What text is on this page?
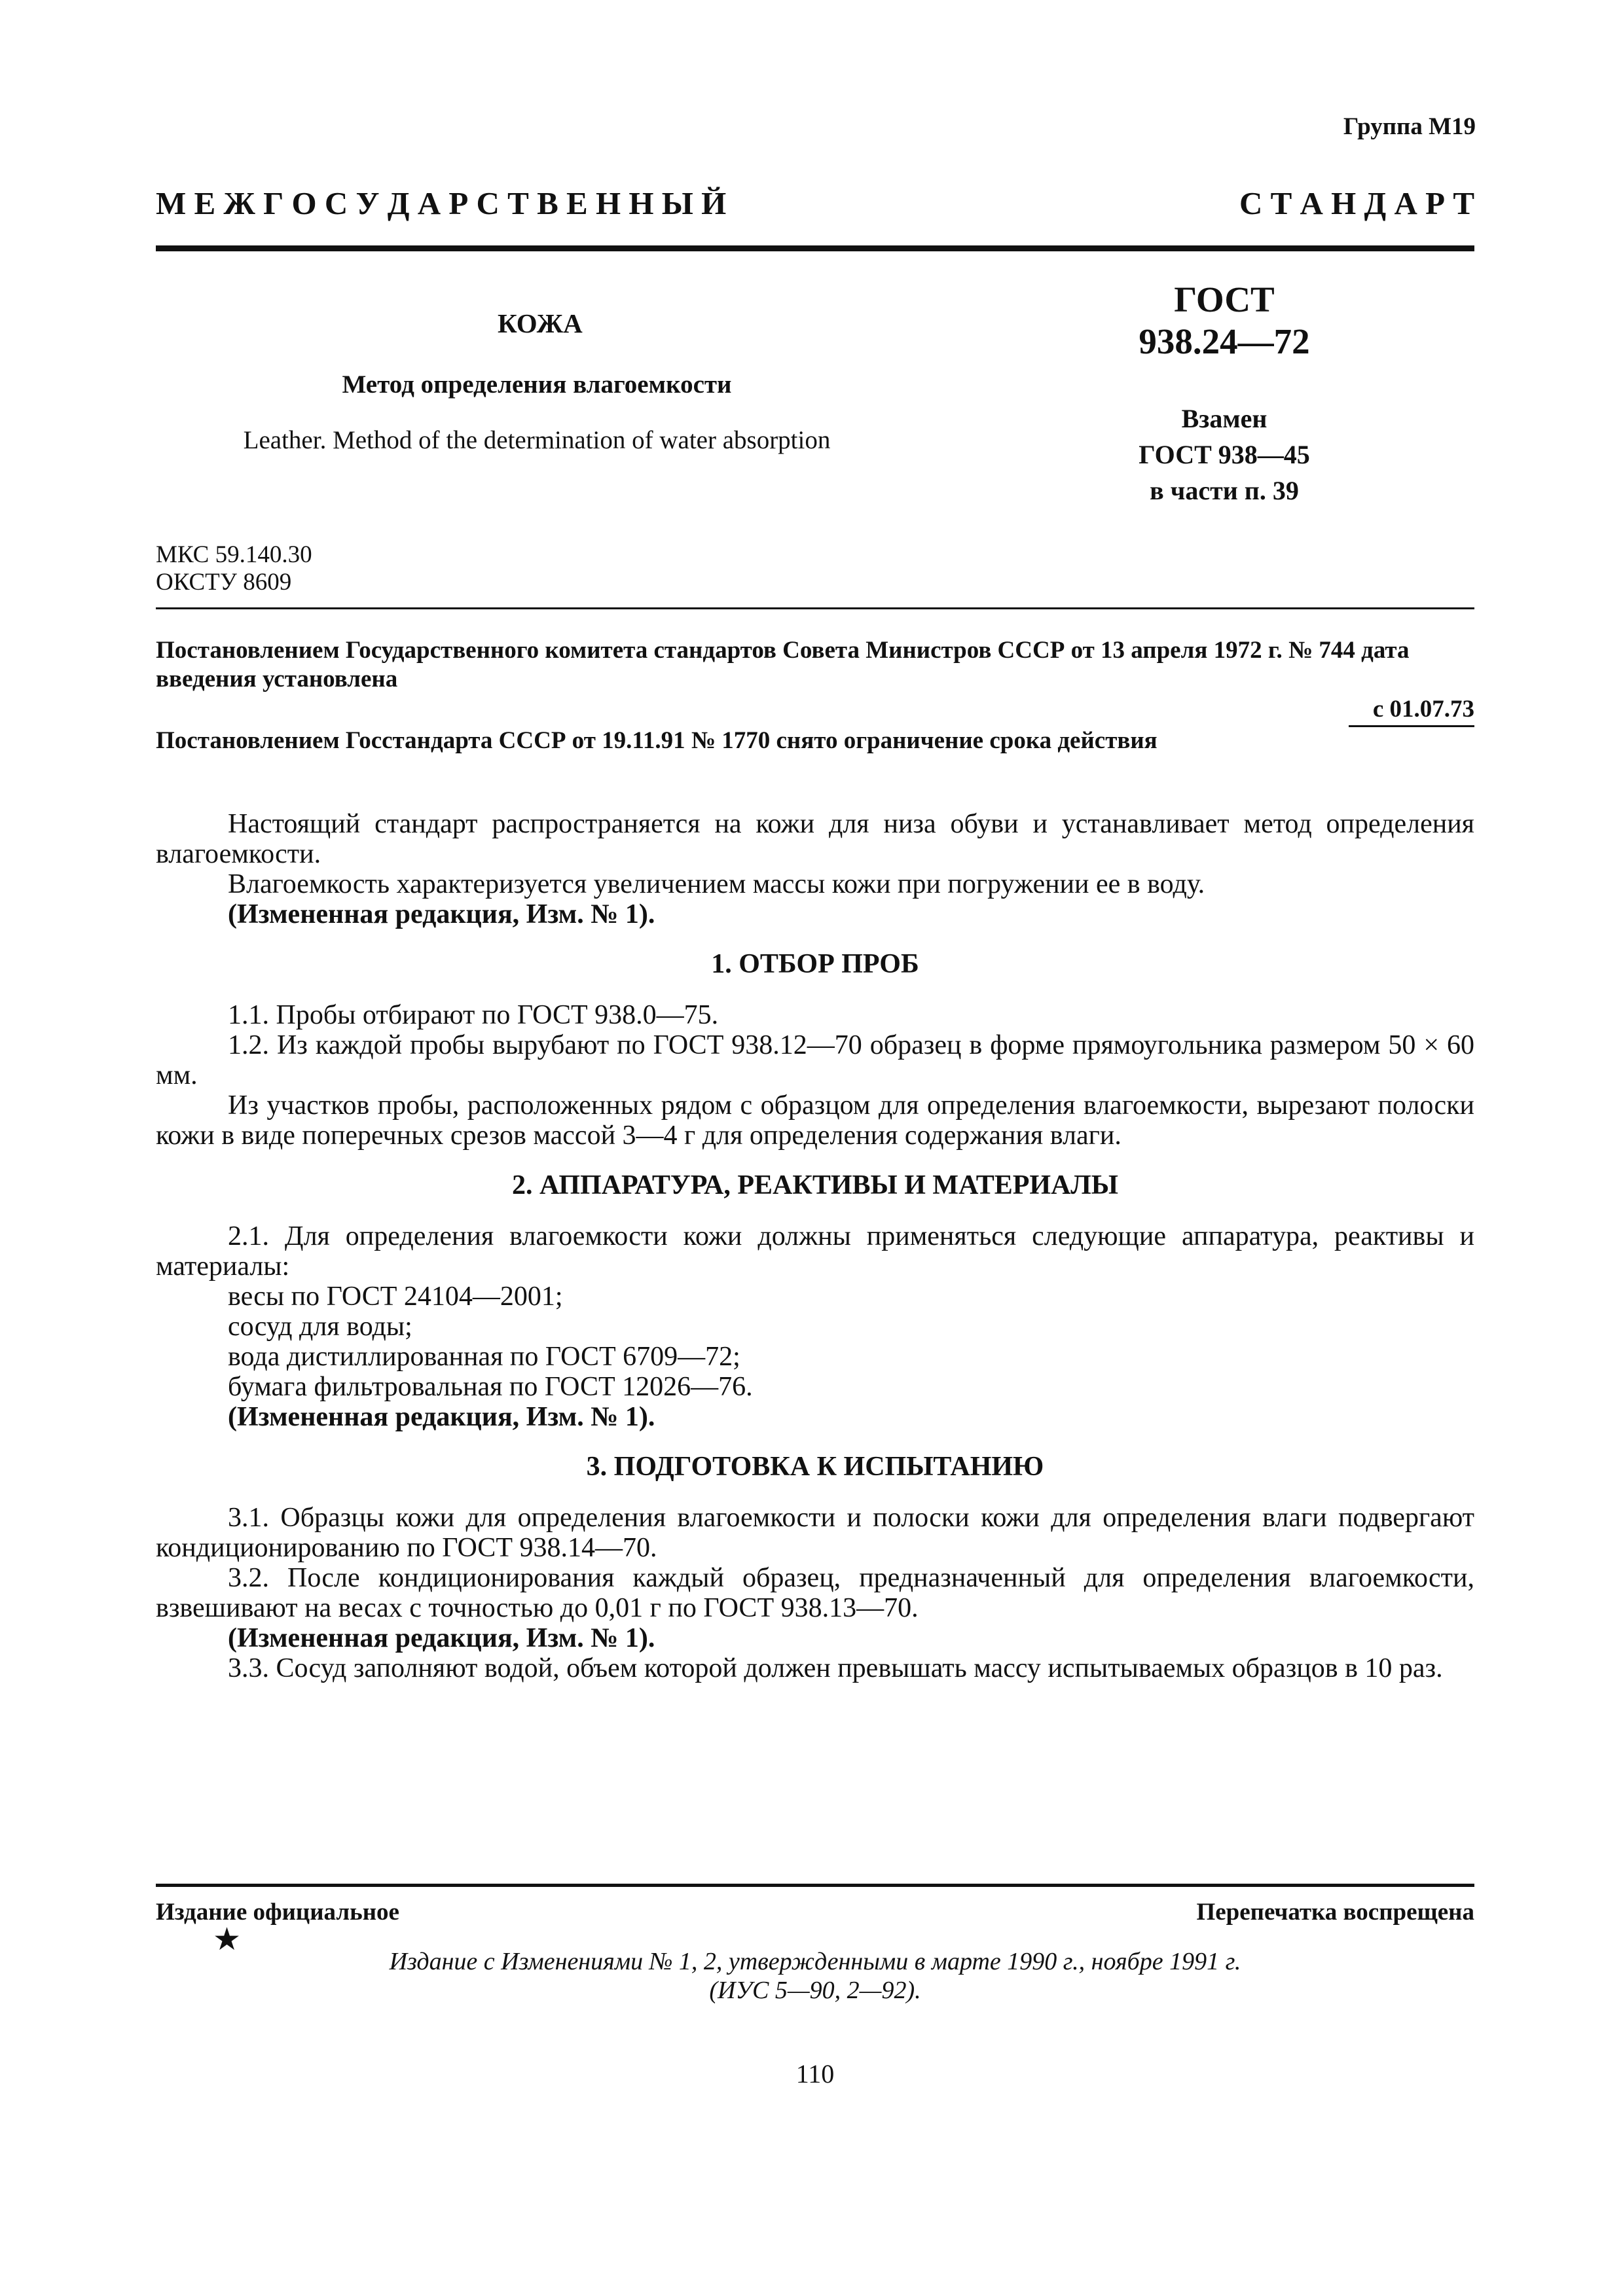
Группа М19
М Е Ж Г О С У Д А Р С Т В Е Н Н Ы Й	С Т А Н Д А Р Т
КОЖА
Метод определения влагоемкости
Leather. Method of the determination of water absorption
ГОСТ
938.24—72
Взамен
ГОСТ 938—45
в части п. 39
МКС 59.140.30
ОКСТУ 8609
Постановлением Государственного комитета стандартов Совета Министров СССР от 13 апреля 1972 г. № 744 дата введения установлена
с 01.07.73
Постановлением Госстандарта СССР от 19.11.91 № 1770 снято ограничение срока действия

Настоящий стандарт распространяется на кожи для низа обуви и устанавливает метод определения влагоемкости.

Влагоемкость характеризуется увеличением массы кожи при погружении ее в воду.

(Измененная редакция, Изм. № 1).

1. ОТБОР ПРОБ

1.1. Пробы отбирают по ГОСТ 938.0—75.

1.2. Из каждой пробы вырубают по ГОСТ 938.12—70 образец в форме прямоугольника размером 50 × 60 мм.

Из участков пробы, расположенных рядом с образцом для определения влагоемкости, вырезают полоски кожи в виде поперечных срезов массой 3—4 г для определения содержания влаги.

2. АППАРАТУРА, РЕАКТИВЫ И МАТЕРИАЛЫ

2.1. Для определения влагоемкости кожи должны применяться следующие аппаратура, реактивы и материалы:

весы по ГОСТ 24104—2001;

сосуд для воды;

вода дистиллированная по ГОСТ 6709—72;

бумага фильтровальная по ГОСТ 12026—76.

(Измененная редакция, Изм. № 1).

3. ПОДГОТОВКА К ИСПЫТАНИЮ

3.1. Образцы кожи для определения влагоемкости и полоски кожи для определения влаги подвергают кондиционированию по ГОСТ 938.14—70.

3.2. После кондиционирования каждый образец, предназначенный для определения влагоемкости, взвешивают на весах с точностью до 0,01 г по ГОСТ 938.13—70.

(Измененная редакция, Изм. № 1).

3.3. Сосуд заполняют водой, объем которой должен превышать массу испытываемых образцов в 10 раз.

Издание официальное	Перепечатка воспрещена
★
Издание с Изменениями № 1, 2, утвержденными в марте 1990 г., ноябре 1991 г.
(ИУС 5—90, 2—92).
110
